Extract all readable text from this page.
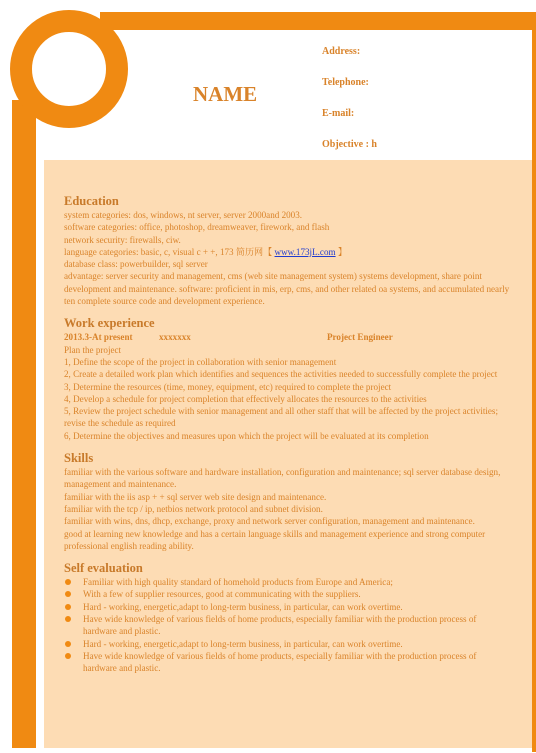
NAME
Address:
Telephone:
E-mail:
Objective : h
Education
system categories: dos, windows, nt server, server 2000and 2003.
software categories: office, photoshop, dreamweaver, firework, and flash
network security: firewalls, ciw.
language categories: basic, c, visual c + +, 173 简历网【 www.173jL.com 】
database class: powerbuilder, sql server
advantage: server security and management, cms (web site management system) systems development, share point development and maintenance. software: proficient in mis, erp, cms, and other related oa systems, and accumulated nearly ten complete source code and development experience.
Work experience
2013.3-At present	xxxxxxx	Project Engineer
Plan the project
1, Define the scope of the project in collaboration with senior management
2, Create a detailed work plan which identifies and sequences the activities needed to successfully complete the project
3, Determine the resources (time, money, equipment, etc) required to complete the project
4, Develop a schedule for project completion that effectively allocates the resources to the activities
5, Review the project schedule with senior management and all other staff that will be affected by the project activities; revise the schedule as required
6, Determine the objectives and measures upon which the project will be evaluated at its completion
Skills
familiar with the various software and hardware installation, configuration and maintenance; sql server database design, management and maintenance.
familiar with the iis asp + + sql server web site design and maintenance.
familiar with the tcp / ip, netbios network protocol and subnet division.
familiar with wins, dns, dhcp, exchange, proxy and network server configuration, management and maintenance.
good at learning new knowledge and has a certain language skills and management experience and strong computer professional english reading ability.
Self evaluation
Familiar with high quality standard of homehold products from Europe and America;
With a few of supplier resources, good at communicating with the suppliers.
Hard - working, energetic,adapt to long-term business, in particular, can work overtime.
Have wide knowledge of various fields of home products, especially familiar with the production process of hardware and plastic.
Hard - working, energetic,adapt to long-term business, in particular, can work overtime.
Have wide knowledge of various fields of home products, especially familiar with the production process of hardware and plastic.
